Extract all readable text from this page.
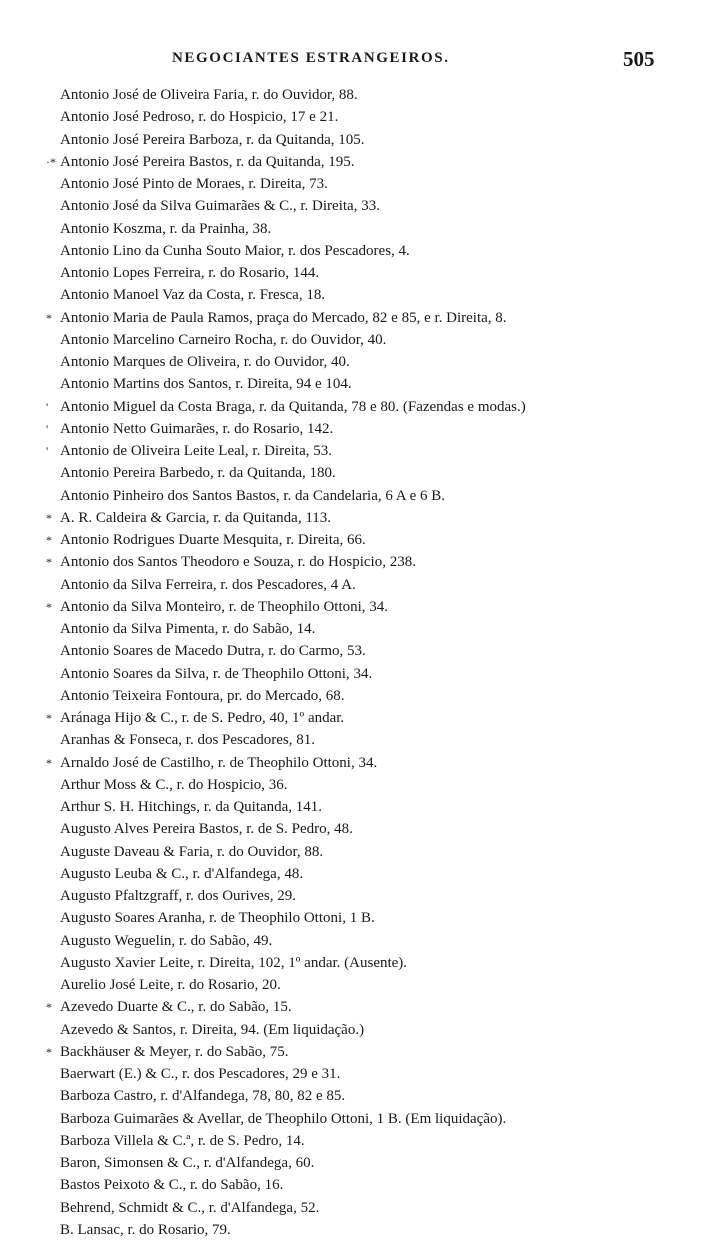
NEGOCIANTES ESTRANGEIROS.	505
Antonio José de Oliveira Faria, r. do Ouvidor, 88.
Antonio José Pedroso, r. do Hospicio, 17 e 21.
Antonio José Pereira Barboza, r. da Quitanda, 105.
·* Antonio José Pereira Bastos, r. da Quitanda, 195.
Antonio José Pinto de Moraes, r. Direita, 73.
Antonio José da Silva Guimarães & C., r. Direita, 33.
Antonio Koszma, r. da Prainha, 38.
Antonio Lino da Cunha Souto Maior, r. dos Pescadores, 4.
Antonio Lopes Ferreira, r. do Rosario, 144.
Antonio Manoel Vaz da Costa, r. Fresca, 18.
* Antonio Maria de Paula Ramos, praça do Mercado, 82 e 85, e r. Direita, 8.
Antonio Marcelino Carneiro Rocha, r. do Ouvidor, 40.
Antonio Marques de Oliveira, r. do Ouvidor, 40.
Antonio Martins dos Santos, r. Direita, 94 e 104.
' Antonio Miguel da Costa Braga, r. da Quitanda, 78 e 80. (Fazendas e modas.)
' Antonio Netto Guimarães, r. do Rosario, 142.
' Antonio de Oliveira Leite Leal, r. Direita, 53.
Antonio Pereira Barbedo, r. da Quitanda, 180.
Antonio Pinheiro dos Santos Bastos, r. da Candelaria, 6 A e 6 B.
* A. R. Caldeira & Garcia, r. da Quitanda, 113.
* Antonio Rodrigues Duarte Mesquita, r. Direita, 66.
* Antonio dos Santos Theodoro e Souza, r. do Hospicio, 238.
Antonio da Silva Ferreira, r. dos Pescadores, 4 A.
* Antonio da Silva Monteiro, r. de Theophilo Ottoni, 34.
Antonio da Silva Pimenta, r. do Sabão, 14.
Antonio Soares de Macedo Dutra, r. do Carmo, 53.
Antonio Soares da Silva, r. de Theophilo Ottoni, 34.
Antonio Teixeira Fontoura, pr. do Mercado, 68.
* Aránaga Hijo & C., r. de S. Pedro, 40, 1º andar.
Aranhas & Fonseca, r. dos Pescadores, 81.
* Arnaldo José de Castilho, r. de Theophilo Ottoni, 34.
Arthur Moss & C., r. do Hospicio, 36.
Arthur S. H. Hitchings, r. da Quitanda, 141.
Augusto Alves Pereira Bastos, r. de S. Pedro, 48.
Auguste Daveau & Faria, r. do Ouvidor, 88.
Augusto Leuba & C., r. d'Alfandega, 48.
Augusto Pfaltzgraff, r. dos Ourives, 29.
Augusto Soares Aranha, r. de Theophilo Ottoni, 1 B.
Augusto Weguelin, r. do Sabão, 49.
Augusto Xavier Leite, r. Direita, 102, 1º andar. (Ausente).
Aurelio José Leite, r. do Rosario, 20.
* Azevedo Duarte & C., r. do Sabão, 15.
Azevedo & Santos, r. Direita, 94. (Em liquidação.)
* Backhäuser & Meyer, r. do Sabão, 75.
Baerwart (E.) & C., r. dos Pescadores, 29 e 31.
Barboza Castro, r. d'Alfandega, 78, 80, 82 e 85.
Barboza Guimarães & Avellar, de Theophilo Ottoni, 1 B. (Em liquidação).
Barboza Villela & C.ª, r. de S. Pedro, 14.
Baron, Simonsen & C., r. d'Alfandega, 60.
Bastos Peixoto & C., r. do Sabão, 16.
Behrend, Schmidt & C., r. d'Alfandega, 52.
B. Lansac, r. do Rosario, 79.
